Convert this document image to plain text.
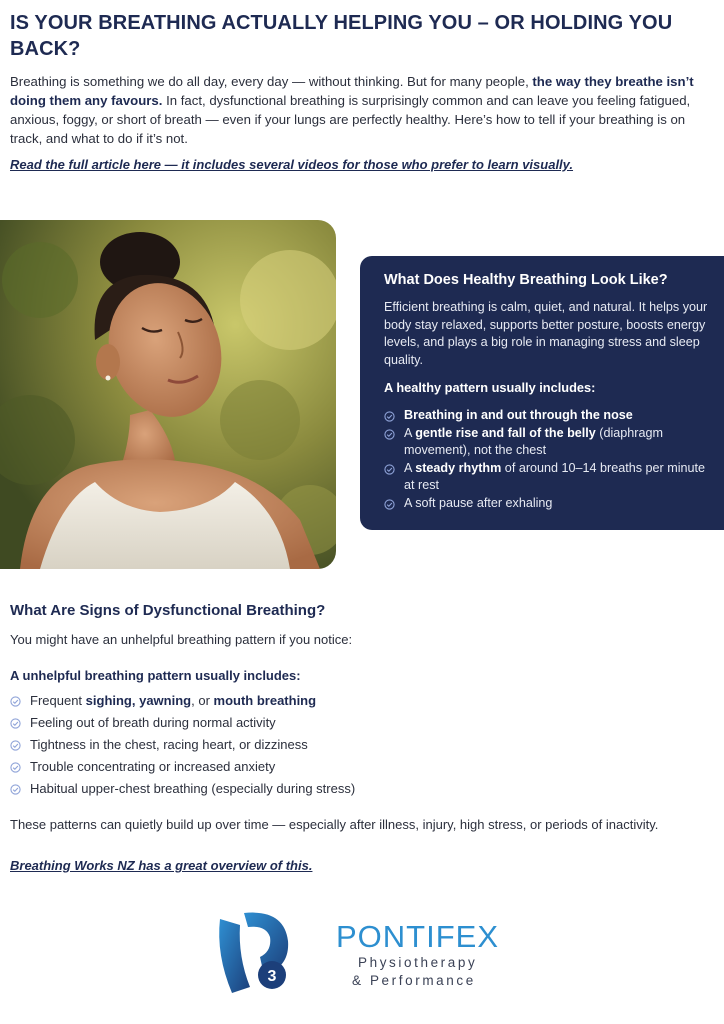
IS YOUR BREATHING ACTUALLY HELPING YOU – OR HOLDING YOU BACK?

Breathing is something we do all day, every day — without thinking. But for many people, the way they breathe isn’t doing them any favours. In fact, dysfunctional breathing is surprisingly common and can leave you feeling fatigued, anxious, foggy, or short of breath — even if your lungs are perfectly healthy. Here’s how to tell if your breathing is on track, and what to do if it’s not.

Read the full article here — it includes several videos for those who prefer to learn visually.
What Does Healthy Breathing Look Like?

Efficient breathing is calm, quiet, and natural. It helps your body stay relaxed, supports better posture, boosts energy levels, and plays a big role in managing stress and sleep quality.

A healthy pattern usually includes:

Breathing in and out through the nose
A gentle rise and fall of the belly (diaphragm movement), not the chest
A steady rhythm of around 10–14 breaths per minute at rest
A soft pause after exhaling
What Are Signs of Dysfunctional Breathing?

You might have an unhelpful breathing pattern if you notice:

A unhelpful breathing pattern usually includes:

Frequent sighing, yawning, or mouth breathing
Feeling out of breath during normal activity
Tightness in the chest, racing heart, or dizziness
Trouble concentrating or increased anxiety
Habitual upper-chest breathing (especially during stress)

These patterns can quietly build up over time — especially after illness, injury, high stress, or periods of inactivity.

Breathing Works NZ has a great overview of this.
3
PONTIFEX
Physiotherapy
& Performance
